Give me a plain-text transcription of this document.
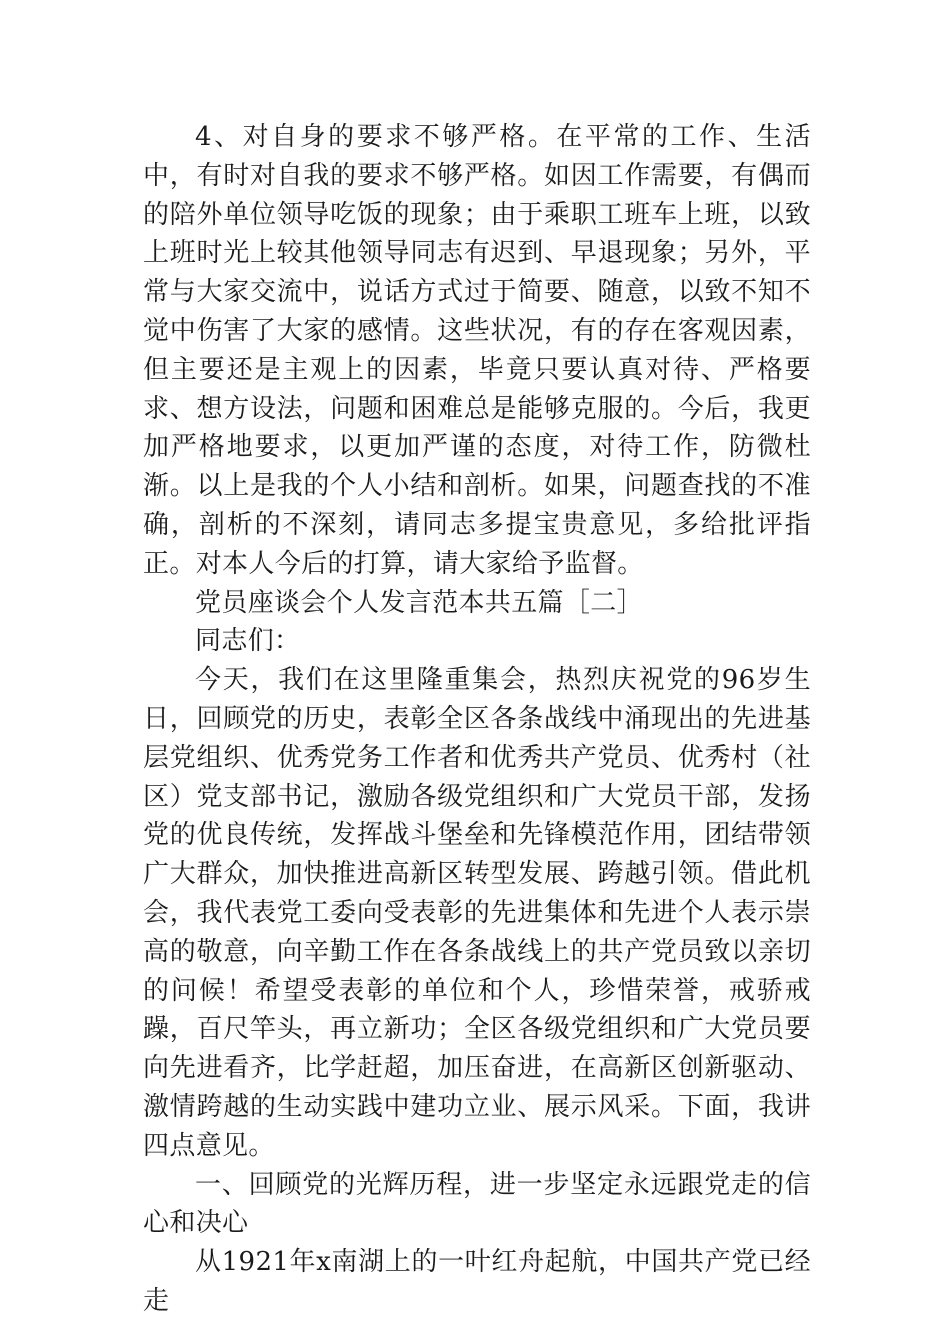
4、对自身的要求不够严格。在平常的工作、生活中，有时对自我的要求不够严格。如因工作需要，有偶而的陪外单位领导吃饭的现象；由于乘职工班车上班，以致上班时光上较其他领导同志有迟到、早退现象；另外，平常与大家交流中，说话方式过于简要、随意，以致不知不觉中伤害了大家的感情。这些状况，有的存在客观因素，但主要还是主观上的因素，毕竟只要认真对待、严格要求、想方设法，问题和困难总是能够克服的。今后，我更加严格地要求，以更加严谨的态度，对待工作，防微杜渐。以上是我的个人小结和剖析。如果，问题查找的不准确，剖析的不深刻，请同志多提宝贵意见，多给批评指正。对本人今后的打算，请大家给予监督。

党员座谈会个人发言范本共五篇［二］

同志们：

今天，我们在这里隆重集会，热烈庆祝党的96岁生日，回顾党的历史，表彰全区各条战线中涌现出的先进基层党组织、优秀党务工作者和优秀共产党员、优秀村（社区）党支部书记，激励各级党组织和广大党员干部，发扬党的优良传统，发挥战斗堡垒和先锋模范作用，团结带领广大群众，加快推进高新区转型发展、跨越引领。借此机会，我代表党工委向受表彰的先进集体和先进个人表示崇高的敬意，向辛勤工作在各条战线上的共产党员致以亲切的问候！希望受表彰的单位和个人，珍惜荣誉，戒骄戒躁，百尺竿头，再立新功；全区各级党组织和广大党员要向先进看齐，比学赶超，加压奋进，在高新区创新驱动、激情跨越的生动实践中建功立业、展示风采。下面，我讲四点意见。

一、回顾党的光辉历程，进一步坚定永远跟党走的信心和决心

从1921年x南湖上的一叶红舟起航，中国共产党已经走
